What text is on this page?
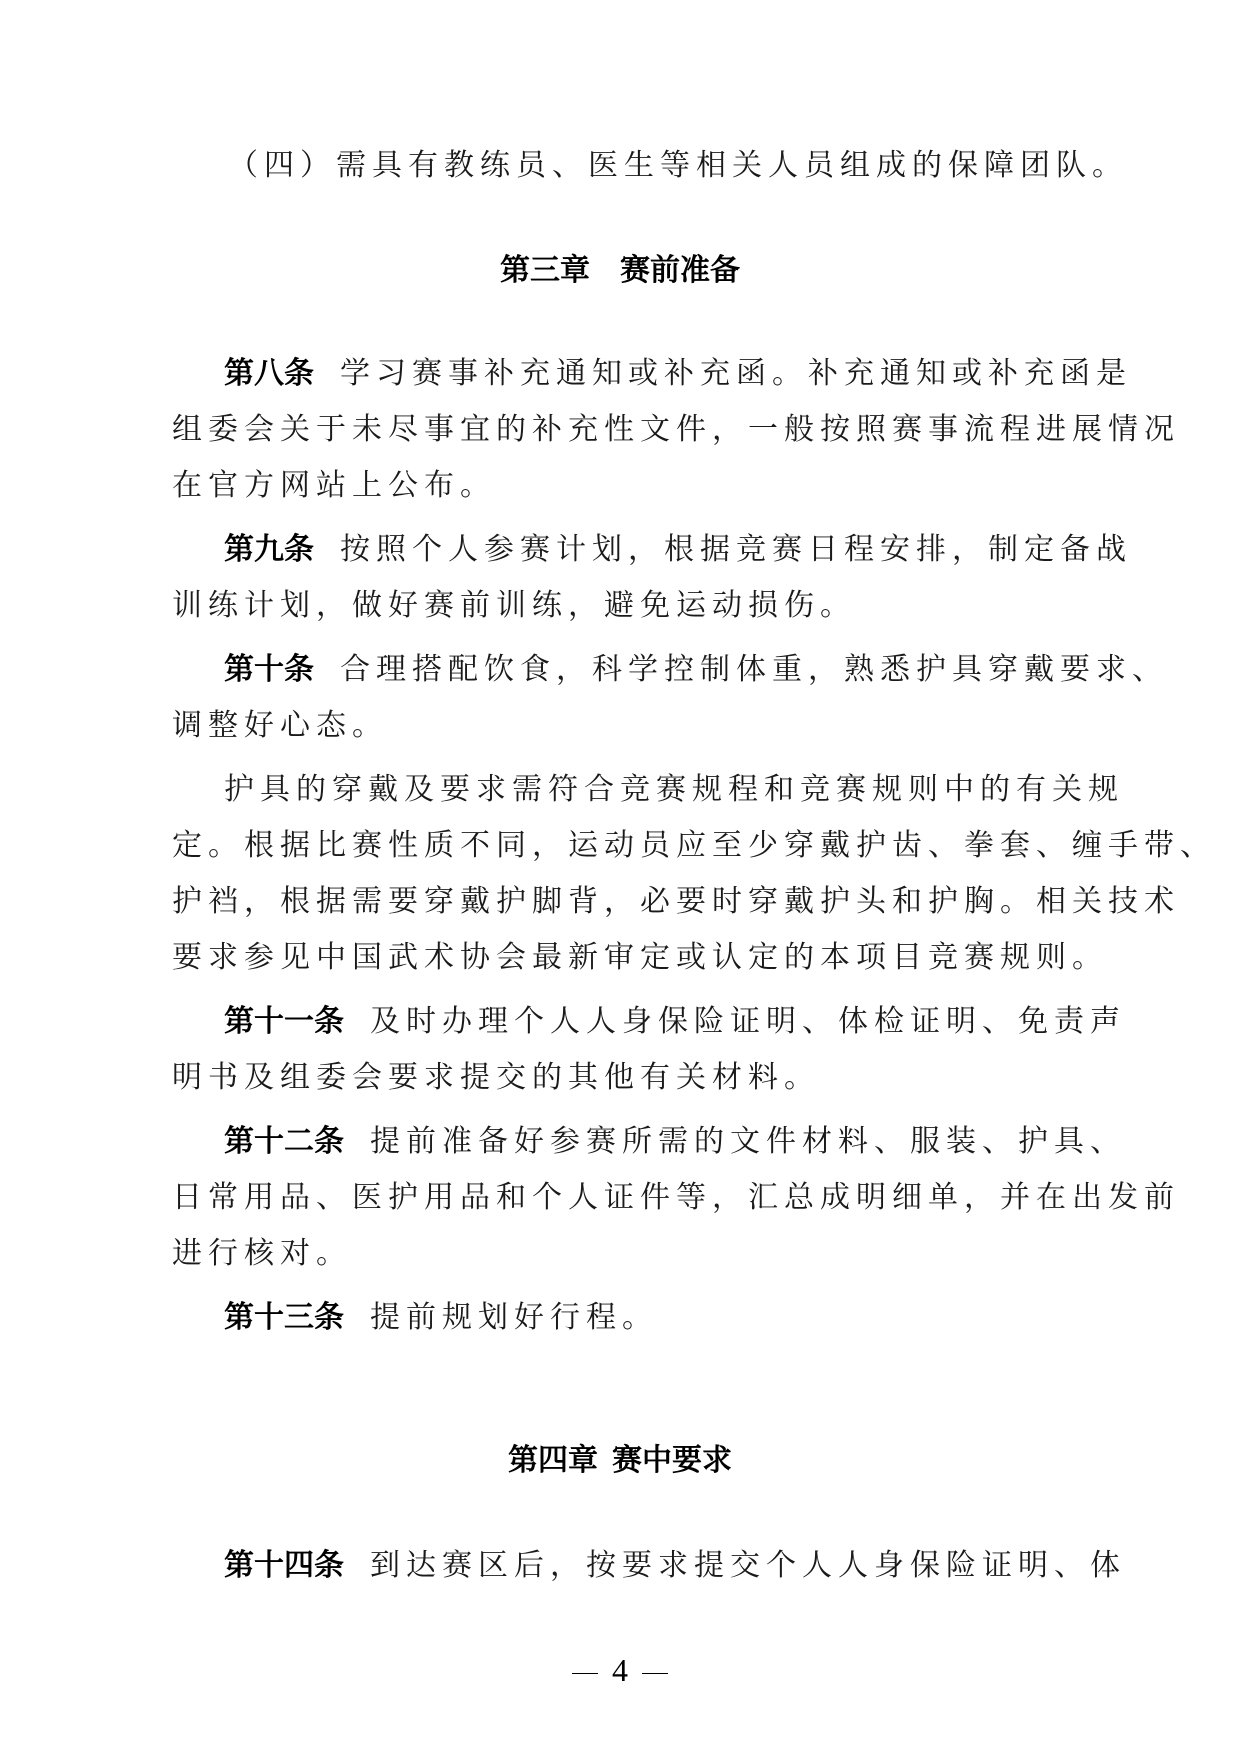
（四）需具有教练员、医生等相关人员组成的保障团队。
第三章 赛前准备
第八条 学习赛事补充通知或补充函。补充通知或补充函是
组委会关于未尽事宜的补充性文件，一般按照赛事流程进展情况
在官方网站上公布。
第九条 按照个人参赛计划，根据竞赛日程安排，制定备战
训练计划，做好赛前训练，避免运动损伤。
第十条 合理搭配饮食，科学控制体重，熟悉护具穿戴要求、
调整好心态。
护具的穿戴及要求需符合竞赛规程和竞赛规则中的有关规
定。根据比赛性质不同，运动员应至少穿戴护齿、拳套、缠手带、
护裆，根据需要穿戴护脚背，必要时穿戴护头和护胸。相关技术
要求参见中国武术协会最新审定或认定的本项目竞赛规则。
第十一条 及时办理个人人身保险证明、体检证明、免责声
明书及组委会要求提交的其他有关材料。
第十二条 提前准备好参赛所需的文件材料、服装、护具、
日常用品、医护用品和个人证件等，汇总成明细单，并在出发前
进行核对。
第十三条 提前规划好行程。
第四章 赛中要求
第十四条 到达赛区后，按要求提交个人人身保险证明、体
4
